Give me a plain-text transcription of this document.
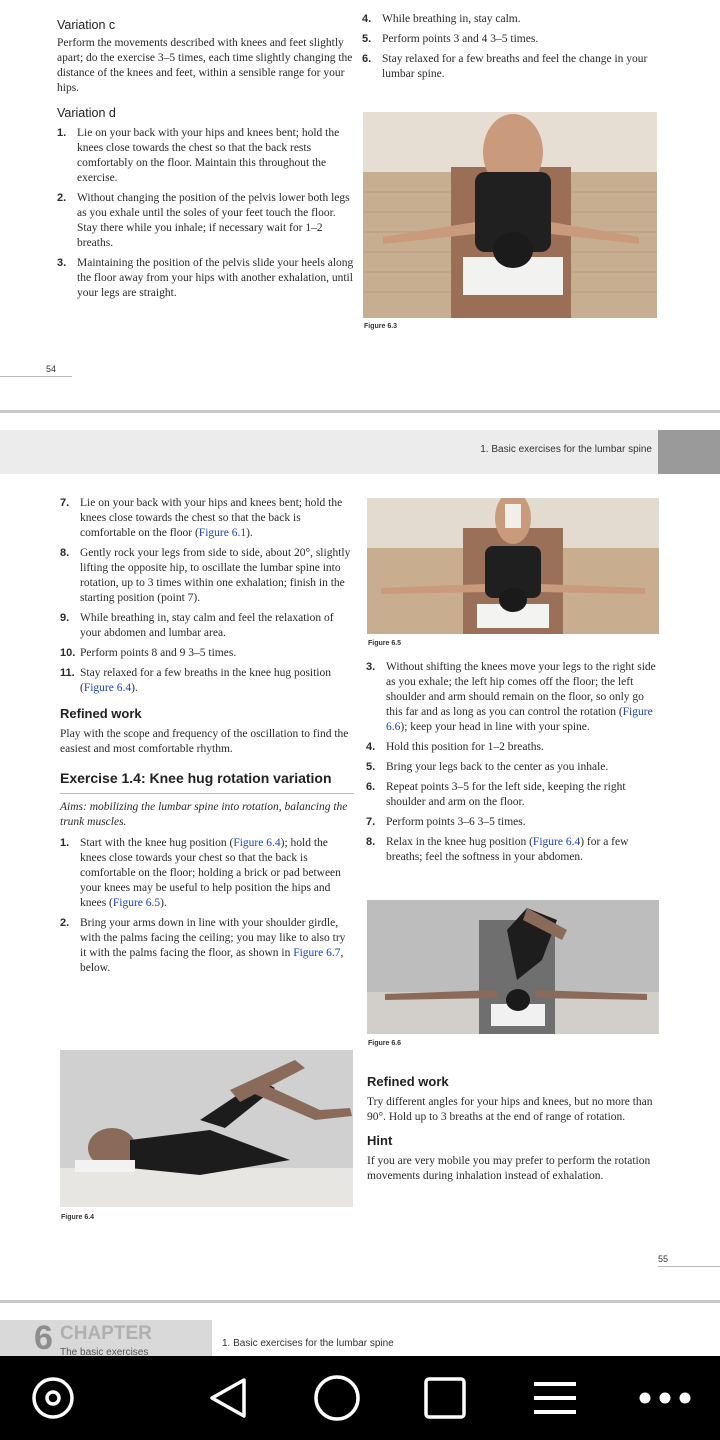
Variation c

Perform the movements described with knees and feet slightly apart; do the exercise 3–5 times, each time slightly changing the distance of the knees and feet, within a sensible range for your hips.

Variation d
1. Lie on your back with your hips and knees bent; hold the knees close towards the chest so that the back rests comfortably on the floor. Maintain this throughout the exercise.
2. Without changing the position of the pelvis lower both legs as you exhale until the soles of your feet touch the floor. Stay there while you inhale; if necessary wait for 1–2 breaths.
3. Maintaining the position of the pelvis slide your heels along the floor away from your hips with another exhalation, until your legs are straight.
54
4. While breathing in, stay calm.
5. Perform points 3 and 4 3–5 times.
6. Stay relaxed for a few breaths and feel the change in your lumbar spine.
Figure 6.3
1. Basic exercises for the lumbar spine
7. Lie on your back with your hips and knees bent; hold the knees close towards the chest so that the back is comfortable on the floor (Figure 6.1).
8. Gently rock your legs from side to side, about 20°, slightly lifting the opposite hip, to oscillate the lumbar spine into rotation, up to 3 times within one exhalation; finish in the starting position (point 7).
9. While breathing in, stay calm and feel the relaxation of your abdomen and lumbar area.
10. Perform points 8 and 9 3–5 times.
11. Stay relaxed for a few breaths in the knee hug position (Figure 6.4).
Refined work

Play with the scope and frequency of the oscillation to find the easiest and most comfortable rhythm.

Exercise 1.4: Knee hug rotation variation

Aims: mobilizing the lumbar spine into rotation, balancing the trunk muscles.

1. Start with the knee hug position (Figure 6.4); hold the knees close towards your chest so that the back is comfortable on the floor; holding a brick or pad between your knees may be useful to help position the hips and knees (Figure 6.5).
2. Bring your arms down in line with your shoulder girdle, with the palms facing the ceiling; you may like to also try it with the palms facing the floor, as shown in Figure 6.7, below.
Figure 6.4
Figure 6.5
3. Without shifting the knees move your legs to the right side as you exhale; the left hip comes off the floor; the left shoulder and arm should remain on the floor, so only go this far and as long as you can control the rotation (Figure 6.6); keep your head in line with your spine.
4. Hold this position for 1–2 breaths.
5. Bring your legs back to the center as you inhale.
6. Repeat points 3–5 for the left side, keeping the right shoulder and arm on the floor.
7. Perform points 3–6 3–5 times.
8. Relax in the knee hug position (Figure 6.4) for a few breaths; feel the softness in your abdomen.
Figure 6.6
Refined work

Try different angles for your hips and knees, but no more than 90°. Hold up to 3 breaths at the end of range of rotation.

Hint

If you are very mobile you may prefer to perform the rotation movements during inhalation instead of exhalation.

55
6 CHAPTER
The basic exercises
1. Basic exercises for the lumbar spine
